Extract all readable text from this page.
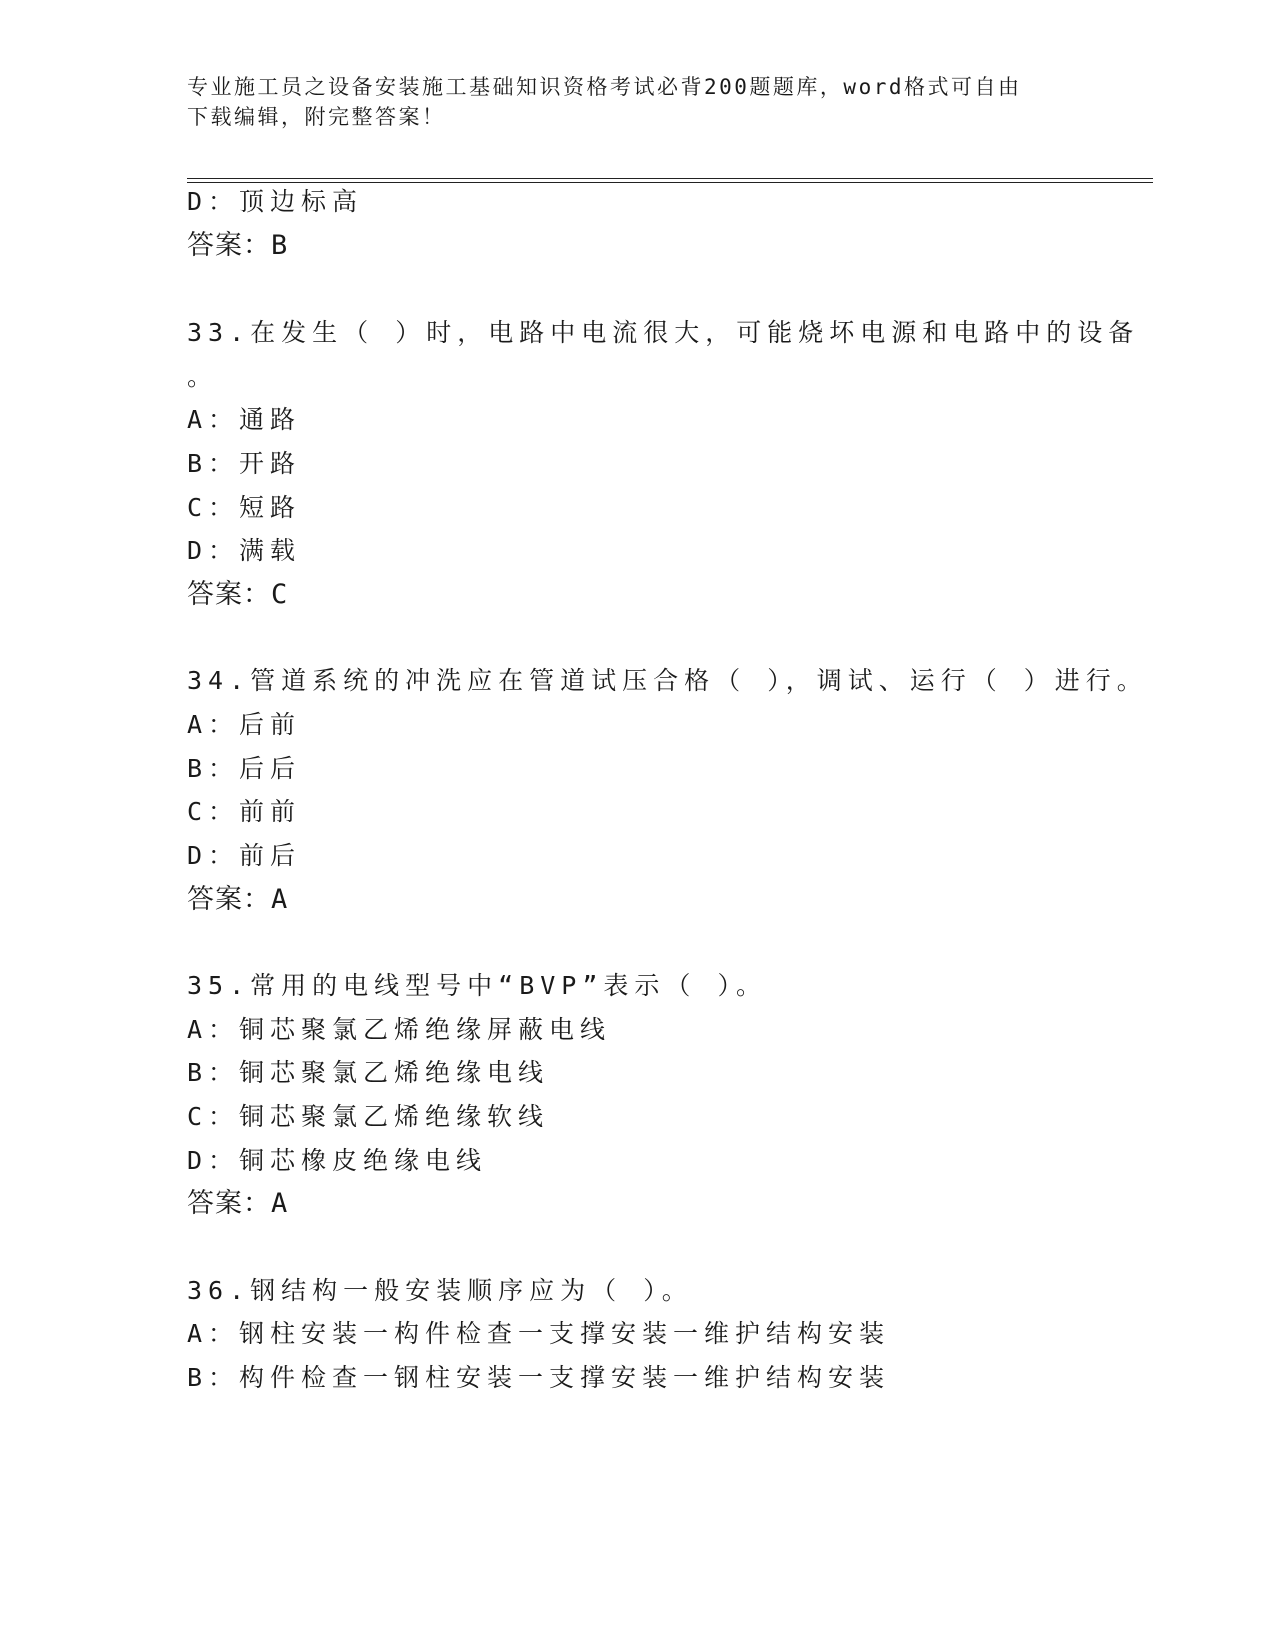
专业施工员之设备安装施工基础知识资格考试必背200题题库，word格式可自由
下载编辑，附完整答案！
D：顶边标高
答案：B
33.在发生（ ）时，电路中电流很大，可能烧坏电源和电路中的设备
。
A：通路
B：开路
C：短路
D：满载
答案：C
34.管道系统的冲洗应在管道试压合格（ ），调试、运行（ ）进行。
A：后前
B：后后
C：前前
D：前后
答案：A
35.常用的电线型号中“BVP”表示（ ）。
A：铜芯聚氯乙烯绝缘屏蔽电线
B：铜芯聚氯乙烯绝缘电线
C：铜芯聚氯乙烯绝缘软线
D：铜芯橡皮绝缘电线
答案：A
36.钢结构一般安装顺序应为（ ）。
A：钢柱安装一构件检查一支撑安装一维护结构安装
B：构件检查一钢柱安装一支撑安装一维护结构安装
